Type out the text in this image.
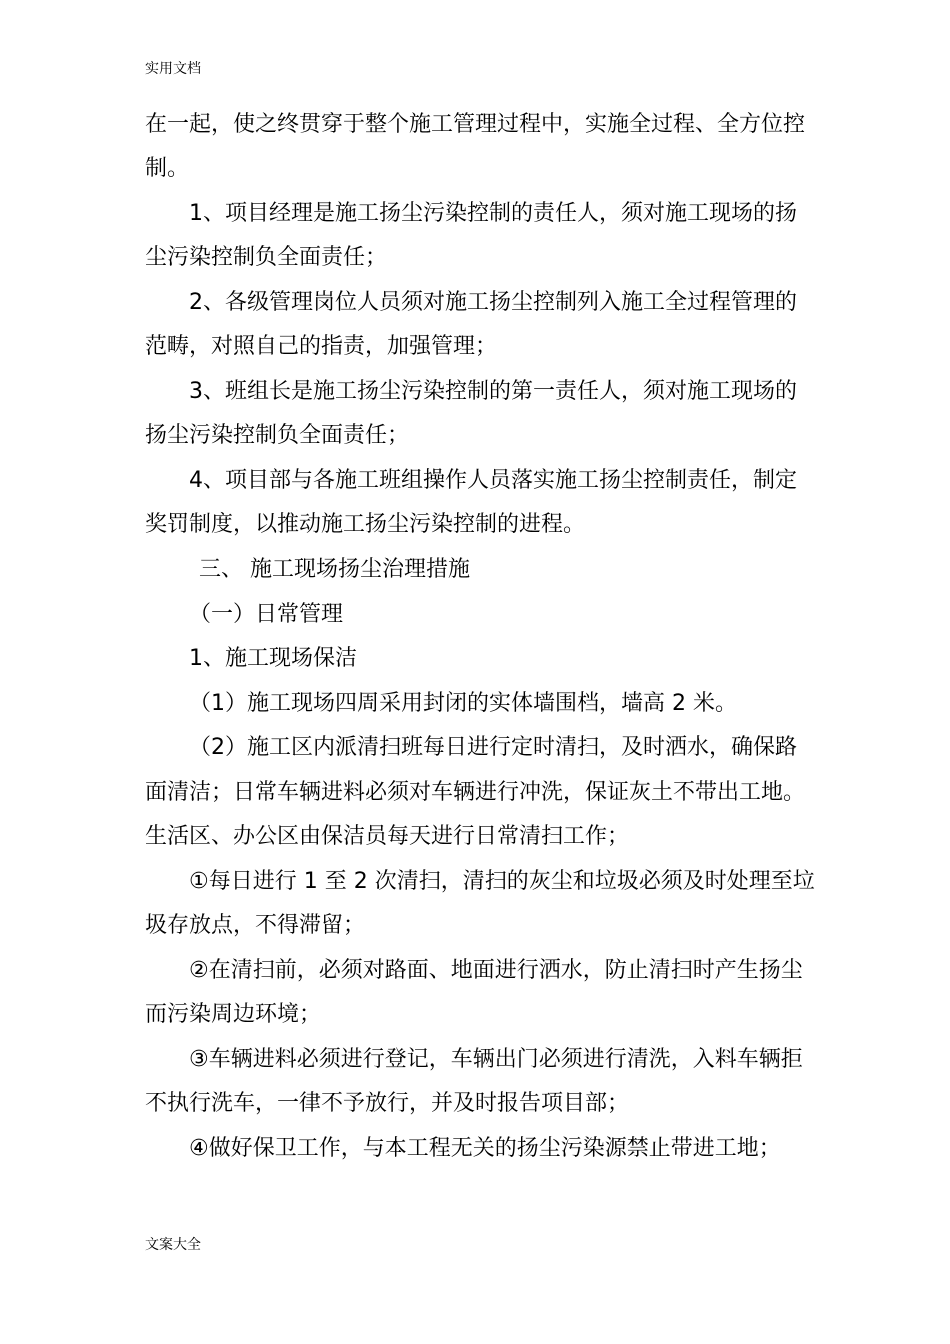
实用文档
在一起，使之终贯穿于整个施工管理过程中，实施全过程、全方位控
制。
1、项目经理是施工扬尘污染控制的责任人，须对施工现场的扬
尘污染控制负全面责任；
2、各级管理岗位人员须对施工扬尘控制列入施工全过程管理的
范畴，对照自己的指责，加强管理；
3、班组长是施工扬尘污染控制的第一责任人，须对施工现场的
扬尘污染控制负全面责任；
4、项目部与各施工班组操作人员落实施工扬尘控制责任，制定
奖罚制度，以推动施工扬尘污染控制的进程。
三、 施工现场扬尘治理措施
（一）日常管理
1、施工现场保洁
（1）施工现场四周采用封闭的实体墙围档，墙高 2 米。
（2）施工区内派清扫班每日进行定时清扫，及时洒水，确保路
面清洁；日常车辆进料必须对车辆进行冲洗，保证灰土不带出工地。
生活区、办公区由保洁员每天进行日常清扫工作；
①每日进行 1 至 2 次清扫，清扫的灰尘和垃圾必须及时处理至垃
圾存放点，不得滞留；
②在清扫前，必须对路面、地面进行洒水，防止清扫时产生扬尘
而污染周边环境；
③车辆进料必须进行登记，车辆出门必须进行清洗，入料车辆拒
不执行洗车，一律不予放行，并及时报告项目部；
④做好保卫工作，与本工程无关的扬尘污染源禁止带进工地；
文案大全
